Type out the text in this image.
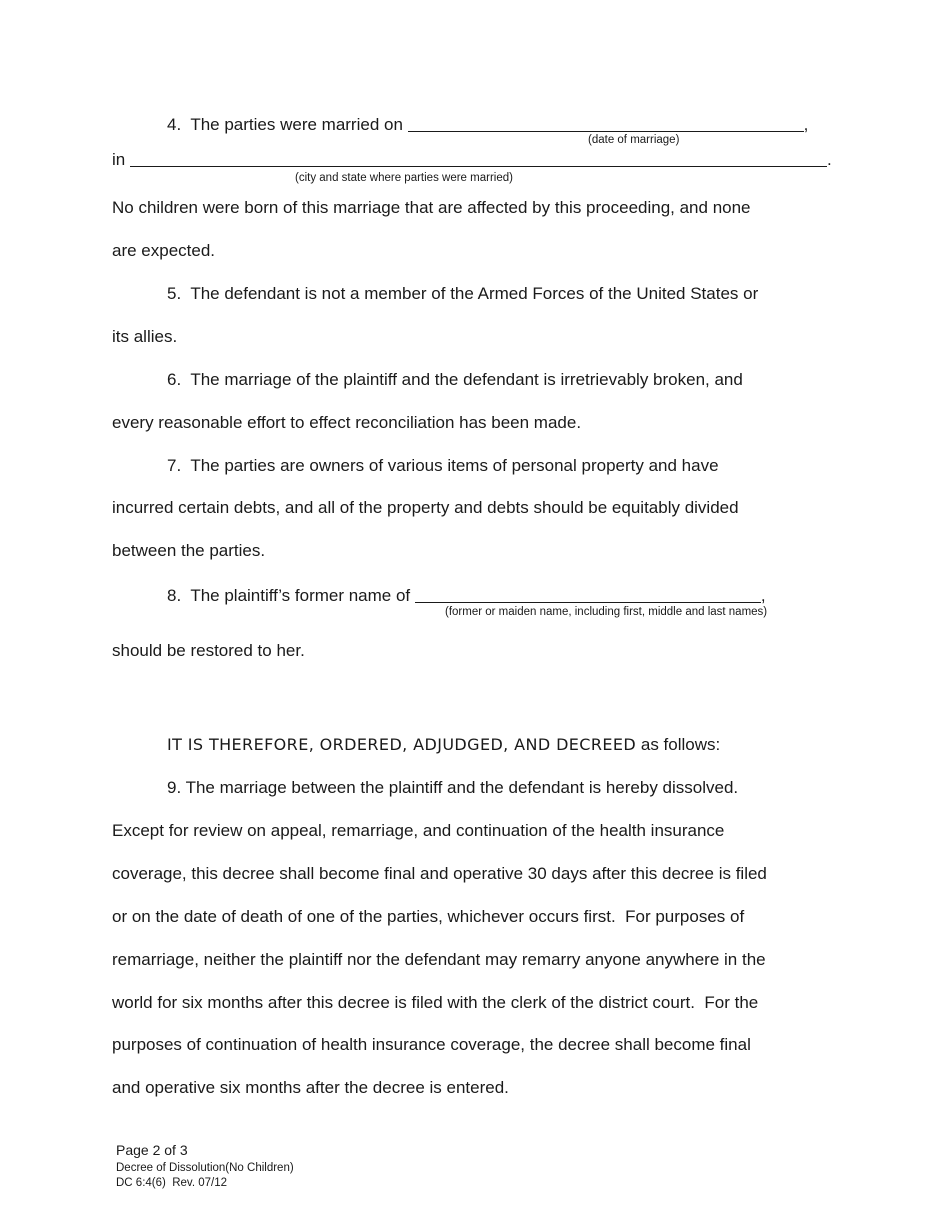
4.  The parties were married on	,
(date of marriage)
in	.
(city and state where parties were married)
No children were born of this marriage that are affected by this proceeding, and none
are expected.
5.  The defendant is not a member of the Armed Forces of the United States or
its allies.
6.  The marriage of the plaintiff and the defendant is irretrievably broken, and
every reasonable effort to effect reconciliation has been made.
7.  The parties are owners of various items of personal property and have
incurred certain debts, and all of the property and debts should be equitably divided
between the parties.
8.  The plaintiff’s former name of	,
(former or maiden name, including first, middle and last names)
should be restored to her.
IT IS THEREFORE, ORDERED, ADJUDGED, AND DECREED as follows:
9. The marriage between the plaintiff and the defendant is hereby dissolved.
Except for review on appeal, remarriage, and continuation of the health insurance
coverage, this decree shall become final and operative 30 days after this decree is filed
or on the date of death of one of the parties, whichever occurs first.  For purposes of
remarriage, neither the plaintiff nor the defendant may remarry anyone anywhere in the
world for six months after this decree is filed with the clerk of the district court.  For the
purposes of continuation of health insurance coverage, the decree shall become final
and operative six months after the decree is entered.
Page 2 of 3
Decree of Dissolution(No Children)
DC 6:4(6)  Rev. 07/12
